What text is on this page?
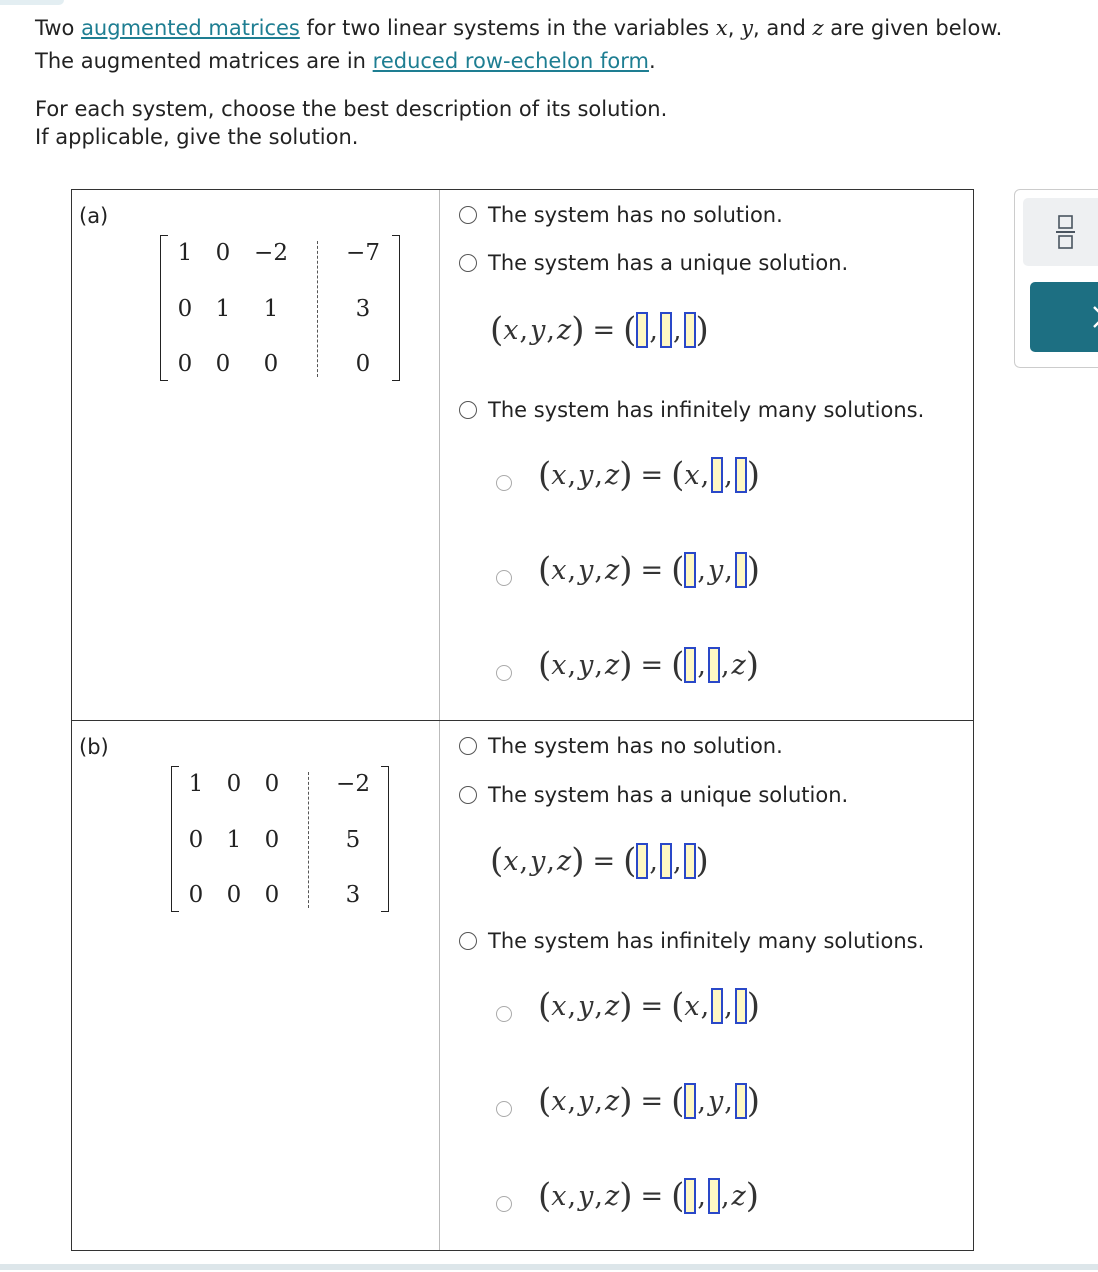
Two augmented matrices for two linear systems in the variables x, y, and z are given below.

The augmented matrices are in reduced row-echelon form.

For each system, choose the best description of its solution.

If applicable, give the solution.

(a)
1	0	−2	−7
0	1	1	3
0	0	0	0
The system has no solution.
The system has a unique solution.
( x , y , z ) = ( , , )
The system has infinitely many solutions.
( x , y , z ) = ( x , , )
( x , y , z ) = ( , y , )
( x , y , z ) = ( , , z )
(b)
1	0	0	−2
0	1	0	5
0	0	0	3
The system has no solution.
The system has a unique solution.
( x , y , z ) = ( , , )
The system has infinitely many solutions.
( x , y , z ) = ( x , , )
( x , y , z ) = ( , y , )
( x , y , z ) = ( , , z )
